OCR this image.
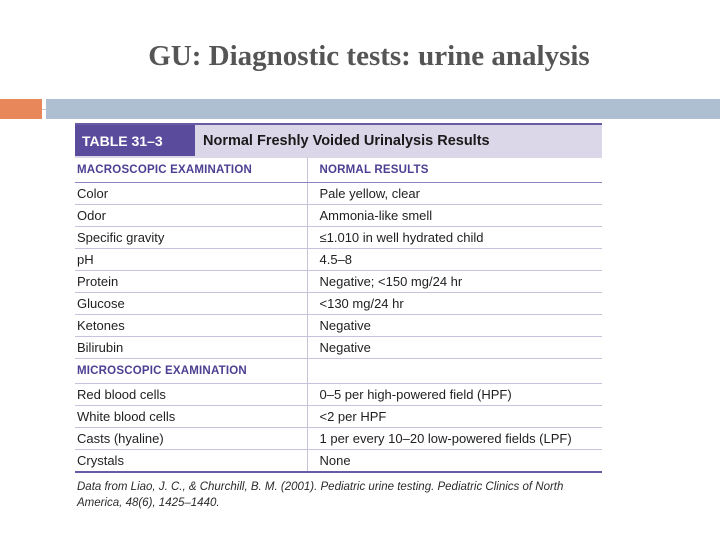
GU: Diagnostic tests: urine analysis
TABLE 31–3	Normal Freshly Voided Urinalysis Results
MACROSCOPIC EXAMINATION	NORMAL RESULTS
Color	Pale yellow, clear
Odor	Ammonia-like smell
Specific gravity	≤1.010 in well hydrated child
pH	4.5–8
Protein	Negative; <150 mg/24 hr
Glucose	<130 mg/24 hr
Ketones	Negative
Bilirubin	Negative
MICROSCOPIC EXAMINATION	
Red blood cells	0–5 per high-powered field (HPF)
White blood cells	<2 per HPF
Casts (hyaline)	1 per every 10–20 low-powered fields (LPF)
Crystals	None
Data from Liao, J. C., & Churchill, B. M. (2001). Pediatric urine testing. Pediatric Clinics of North America, 48(6), 1425–1440.
